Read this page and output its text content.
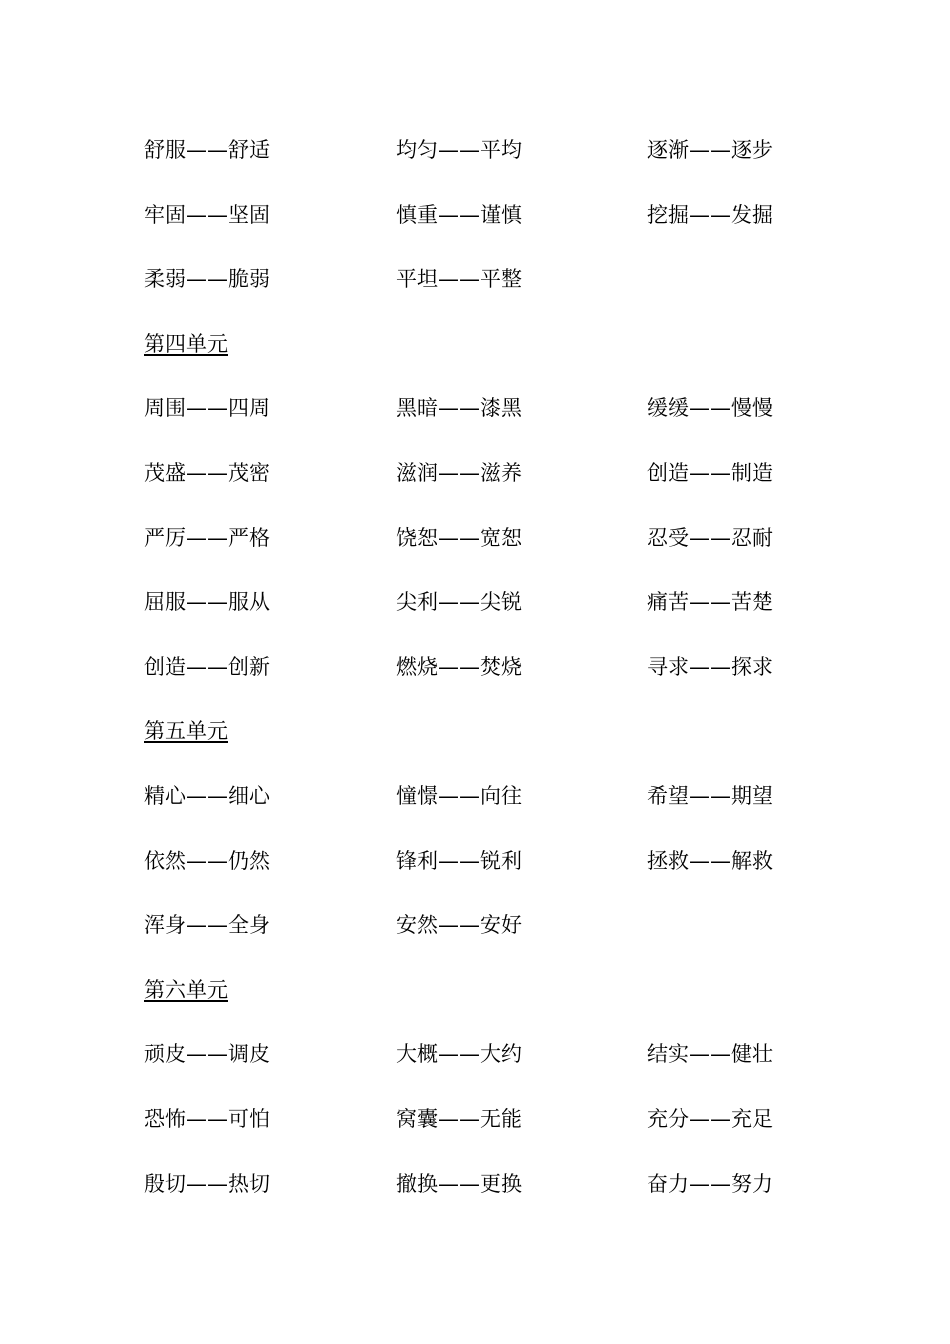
舒服——舒适	均匀——平均	逐渐——逐步
牢固——坚固	慎重——谨慎	挖掘——发掘
柔弱——脆弱	平坦——平整
第四单元
周围——四周	黑暗——漆黑	缓缓——慢慢
茂盛——茂密	滋润——滋养	创造——制造
严厉——严格	饶恕——宽恕	忍受——忍耐
屈服——服从	尖利——尖锐	痛苦——苦楚
创造——创新	燃烧——焚烧	寻求——探求
第五单元
精心——细心	憧憬——向往	希望——期望
依然——仍然	锋利——锐利	拯救——解救
浑身——全身	安然——安好
第六单元
顽皮——调皮	大概——大约	结实——健壮
恐怖——可怕	窝囊——无能	充分——充足
殷切——热切	撤换——更换	奋力——努力
